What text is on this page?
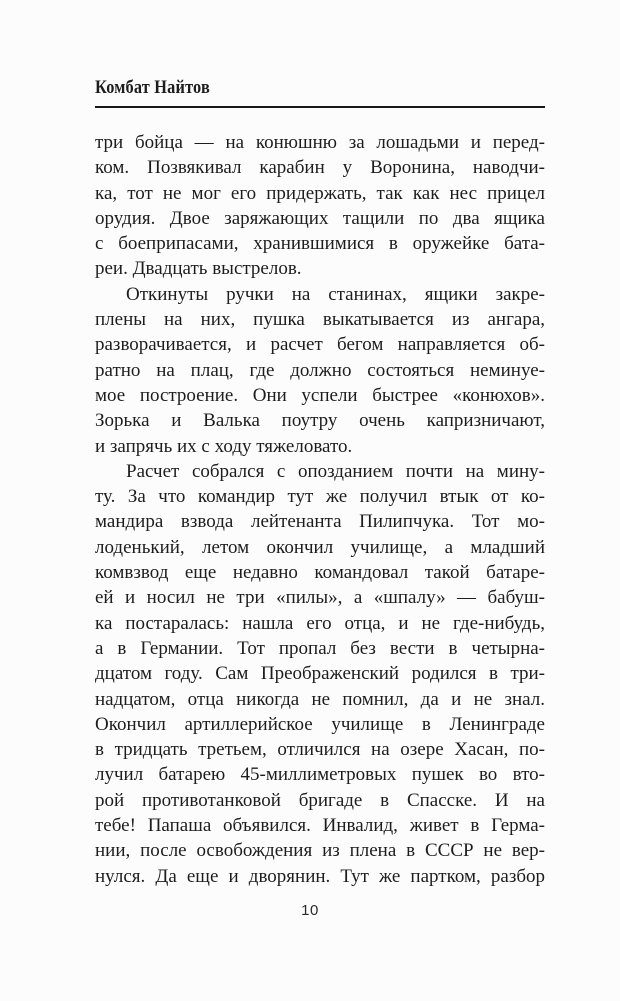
Комбат Найтов
три бойца — на конюшню за лошадьми и перед-
ком. Позвякивал карабин у Воронина, наводчи-
ка, тот не мог его придержать, так как нес прицел
орудия. Двое заряжающих тащили по два ящика
с боеприпасами, хранившимися в оружейке бата-
реи. Двадцать выстрелов.
Откинуты ручки на станинах, ящики закре-
плены на них, пушка выкатывается из ангара,
разворачивается, и расчет бегом направляется об-
ратно на плац, где должно состояться неминуе-
мое построение. Они успели быстрее «конюхов».
Зорька и Валька поутру очень капризничают,
и запрячь их с ходу тяжеловато.
Расчет собрался с опозданием почти на мину-
ту. За что командир тут же получил втык от ко-
мандира взвода лейтенанта Пилипчука. Тот мо-
лоденький, летом окончил училище, а младший
комвзвод еще недавно командовал такой батаре-
ей и носил не три «пилы», а «шпалу» — бабуш-
ка постаралась: нашла его отца, и не где-нибудь,
а в Германии. Тот пропал без вести в четырна-
дцатом году. Сам Преображенский родился в три-
надцатом, отца никогда не помнил, да и не знал.
Окончил артиллерийское училище в Ленинграде
в тридцать третьем, отличился на озере Хасан, по-
лучил батарею 45-миллиметровых пушек во вто-
рой противотанковой бригаде в Спасске. И на
тебе! Папаша объявился. Инвалид, живет в Герма-
нии, после освобождения из плена в СССР не вер-
нулся. Да еще и дворянин. Тут же партком, разбор
10
